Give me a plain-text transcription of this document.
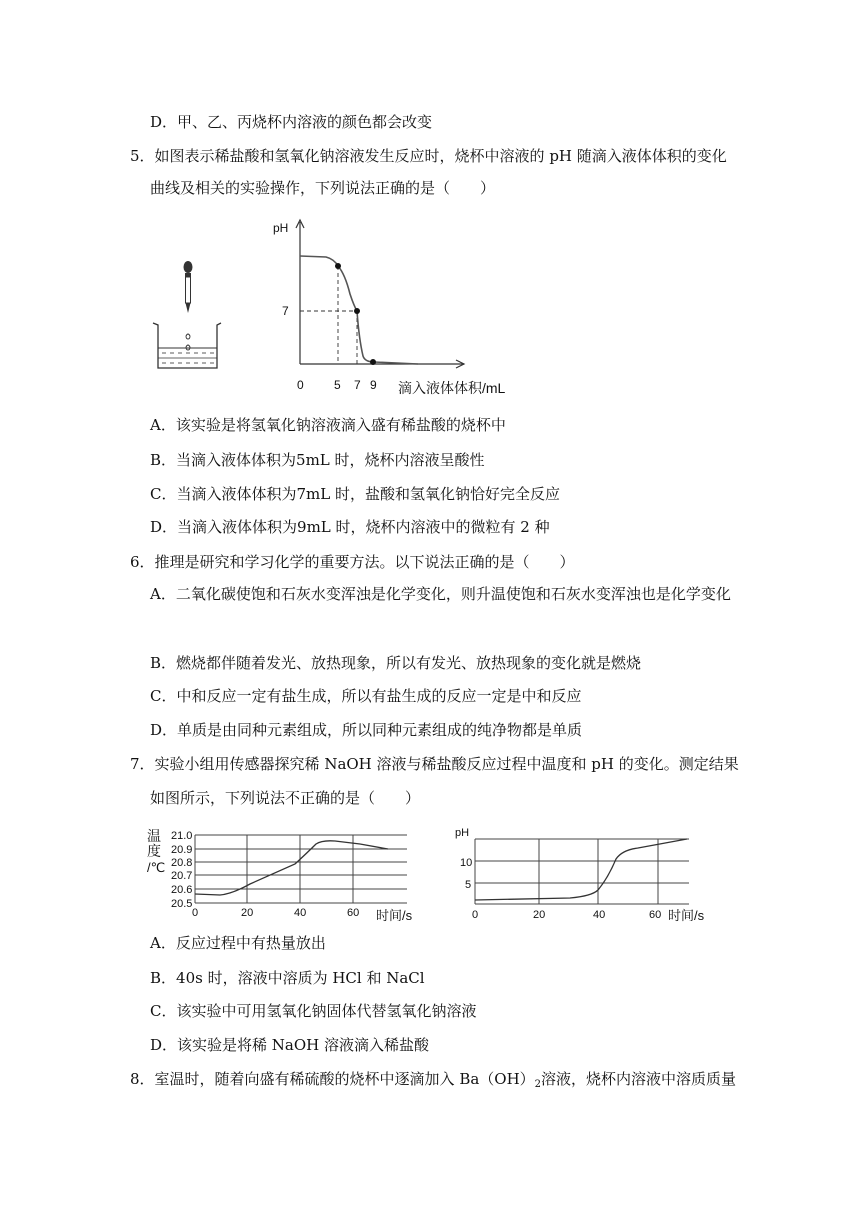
D．甲、乙、丙烧杯内溶液的颜色都会改变
5．如图表示稀盐酸和氢氧化钠溶液发生反应时，烧杯中溶液的 pH 随滴入液体体积的变化
曲线及相关的实验操作，下列说法正确的是（　　）
pH
7
0	5 7 9 滴入液体体积/mL
A．该实验是将氢氧化钠溶液滴入盛有稀盐酸的烧杯中
B．当滴入液体体积为5mL 时，烧杯内溶液呈酸性
C．当滴入液体体积为7mL 时，盐酸和氢氧化钠恰好完全反应
D．当滴入液体体积为9mL 时，烧杯内溶液中的微粒有 2 种
6．推理是研究和学习化学的重要方法。以下说法正确的是（　　）
A．二氧化碳使饱和石灰水变浑浊是化学变化，则升温使饱和石灰水变浑浊也是化学变化
B．燃烧都伴随着发光、放热现象，所以有发光、放热现象的变化就是燃烧
C．中和反应一定有盐生成，所以有盐生成的反应一定是中和反应
D．单质是由同种元素组成，所以同种元素组成的纯净物都是单质
7．实验小组用传感器探究稀 NaOH 溶液与稀盐酸反应过程中温度和 pH 的变化。测定结果
如图所示，下列说法不正确的是（　　）
温
度
/℃
21.0
20.9
20.8
20.7
20.6
20.5
0	20	40	60 时间/s
pH
10
5
0	20	40	60 时间/s
A．反应过程中有热量放出
B．40s 时，溶液中溶质为 HCl 和 NaCl
C．该实验中可用氢氧化钠固体代替氢氧化钠溶液
D．该实验是将稀 NaOH 溶液滴入稀盐酸
8．室温时，随着向盛有稀硫酸的烧杯中逐滴加入 $Ba(OH)_2$溶液，烧杯内溶液中溶质质量
